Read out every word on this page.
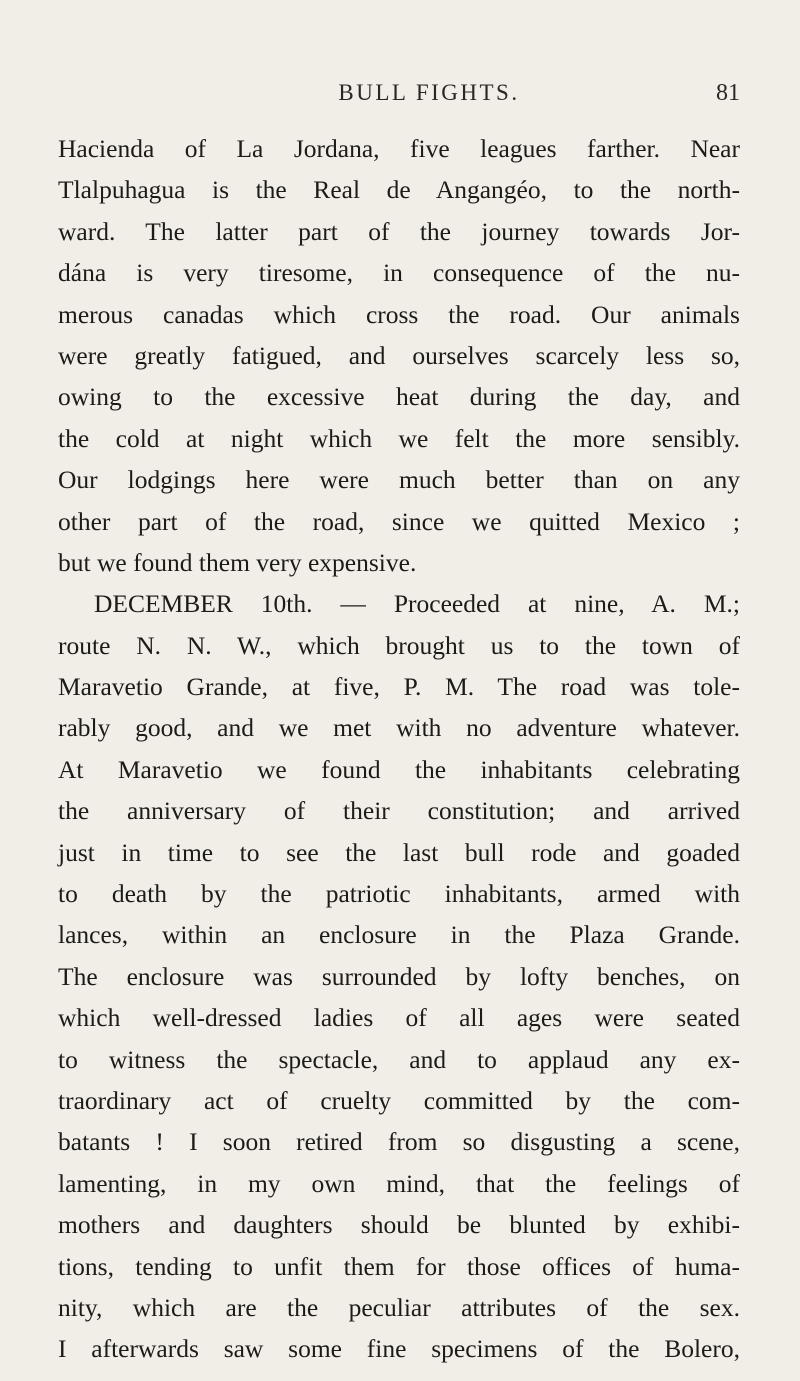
BULL FIGHTS.	81
Hacienda of La Jordana, five leagues farther. Near
Tlalpuhagua is the Real de Angangéo, to the north-
ward. The latter part of the journey towards Jor-
dána is very tiresome, in consequence of the nu-
merous canadas which cross the road. Our animals
were greatly fatigued, and ourselves scarcely less so,
owing to the excessive heat during the day, and
the cold at night which we felt the more sensibly.
Our lodgings here were much better than on any
other part of the road, since we quitted Mexico ;
but we found them very expensive.
DECEMBER 10th. — Proceeded at nine, A. M.;
route N. N. W., which brought us to the town of
Maravetio Grande, at five, P. M. The road was tole-
rably good, and we met with no adventure whatever.
At Maravetio we found the inhabitants celebrating
the anniversary of their constitution; and arrived
just in time to see the last bull rode and goaded
to death by the patriotic inhabitants, armed with
lances, within an enclosure in the Plaza Grande.
The enclosure was surrounded by lofty benches, on
which well-dressed ladies of all ages were seated
to witness the spectacle, and to applaud any ex-
traordinary act of cruelty committed by the com-
batants ! I soon retired from so disgusting a scene,
lamenting, in my own mind, that the feelings of
mothers and daughters should be blunted by exhibi-
tions, tending to unfit them for those offices of huma-
nity, which are the peculiar attributes of the sex.
I afterwards saw some fine specimens of the Bolero,
